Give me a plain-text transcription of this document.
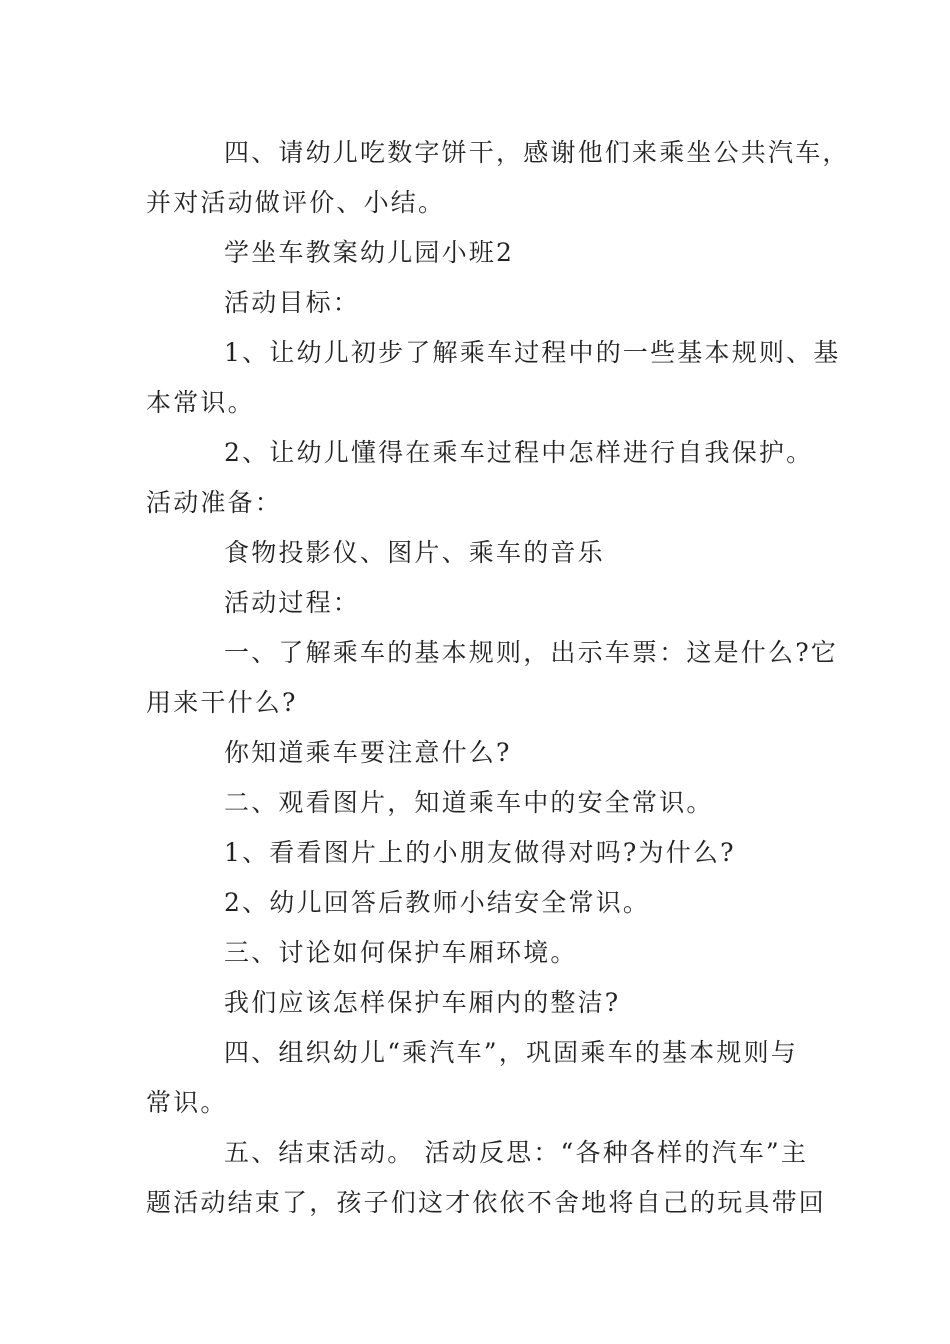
四、请幼儿吃数字饼干，感谢他们来乘坐公共汽车，
并对活动做评价、小结。
学坐车教案幼儿园小班2
活动目标：
1、让幼儿初步了解乘车过程中的一些基本规则、基
本常识。
2、让幼儿懂得在乘车过程中怎样进行自我保护。
活动准备：
食物投影仪、图片、乘车的音乐
活动过程：
一、了解乘车的基本规则，出示车票：这是什么?它
用来干什么?
你知道乘车要注意什么?
二、观看图片，知道乘车中的安全常识。
1、看看图片上的小朋友做得对吗?为什么?
2、幼儿回答后教师小结安全常识。
三、讨论如何保护车厢环境。
我们应该怎样保护车厢内的整洁?
四、组织幼儿“乘汽车”，巩固乘车的基本规则与
常识。
五、结束活动。 活动反思：“各种各样的汽车”主
题活动结束了，孩子们这才依依不舍地将自己的玩具带回
